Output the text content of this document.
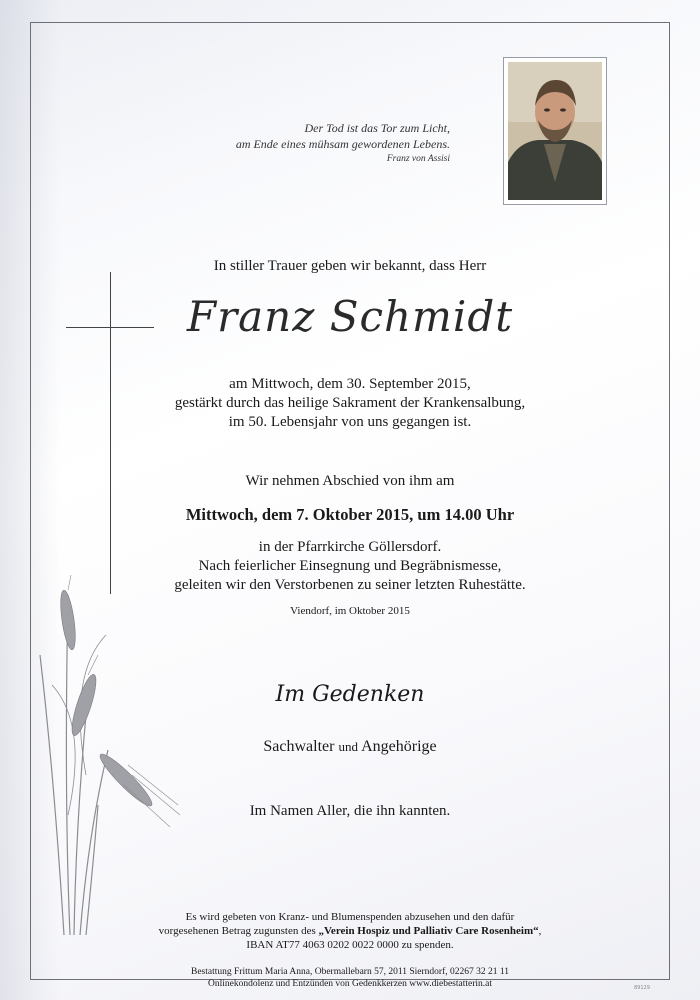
Der Tod ist das Tor zum Licht,
am Ende eines mühsam gewordenen Lebens.
Franz von Assisi
In stiller Trauer geben wir bekannt, dass Herr
Franz Schmidt
am Mittwoch, dem 30. September 2015,
gestärkt durch das heilige Sakrament der Krankensalbung,
im 50. Lebensjahr von uns gegangen ist.
Wir nehmen Abschied von ihm am
Mittwoch, dem 7. Oktober 2015, um 14.00 Uhr
in der Pfarrkirche Göllersdorf.
Nach feierlicher Einsegnung und Begräbnismesse,
geleiten wir den Verstorbenen zu seiner letzten Ruhestätte.
Viendorf, im Oktober 2015
Im Gedenken
Sachwalter und Angehörige
Im Namen Aller, die ihn kannten.
Es wird gebeten von Kranz- und Blumenspenden abzusehen und den dafür
vorgesehenen Betrag zugunsten des „Verein Hospiz und Palliativ Care Rosenheim“,
IBAN AT77 4063 0202 0022 0000 zu spenden.
Bestattung Frittum Maria Anna, Obermallebarn 57, 2011 Sierndorf, 02267 32 21 11
Onlinekondolenz und Entzünden von Gedenkkerzen www.diebestatterin.at	89129
